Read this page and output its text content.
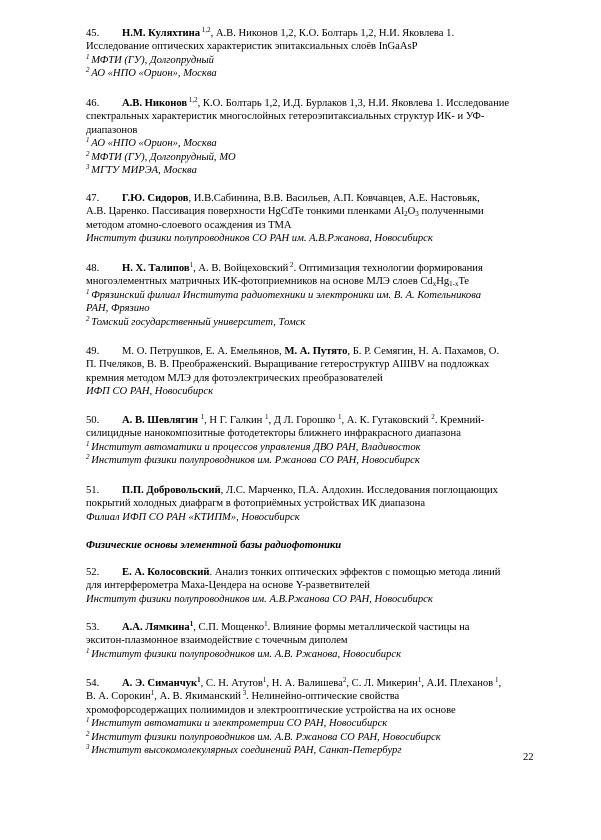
45. Н.М. Куляхтина $^{1,2}$, А.В. Никонов 1,2, К.О. Болтарь 1,2, Н.И. Яковлева 1.
Исследование оптических характеристик эпитаксиальных слоёв InGaAsP
$^1$ МФТИ (ГУ), Долгопрудный
$^2$ АО «НПО «Орион», Москва
46. А.В. Никонов $^{1,2}$, К.О. Болтарь 1,2, И.Д. Бурлаков 1,3, Н.И. Яковлева 1. Исследование
спектральных характеристик многослойных гетероэпитаксиальных структур ИК- и УФ-
диапазонов
$^1$ АО «НПО «Орион», Москва
$^2$ МФТИ (ГУ), Долгопрудный, МО
$^3$ МГТУ МИРЭА, Москва
47. Г.Ю. Сидоров, И.В.Сабинина, В.В. Васильев, А.П. Ковчавцев, А.Е. Настовьяк,
А.В. Царенко. Пассивация поверхности HgCdTe тонкими пленками $Al_2O_3$ полученными
методом атомно-слоевого осаждения из ТМА
Институт физики полупроводников СО РАН им. А.В.Ржанова, Новосибирск
48. Н. Х. Талипов$^1$, А. В. Войцеховский $^2$. Оптимизация технологии формирования
многоэлементных матричных ИК-фотоприемников на основе МЛЭ слоев $Cd_xHg_{1-x}Te$
$^1$ Фрязинский филиал Института радиотехники и электроники им. В. А. Котельникова
РАН, Фрязино
$^2$ Томский государственный университет, Томск
49. М. О. Петрушков, Е. А. Емельянов, М. А. Путято, Б. Р. Семягин, Н. А. Пахамов, О.
П. Пчеляков, В. В. Преображенский. Выращивание гетероструктур AIIIBV на подложках
кремния методом МЛЭ для фотоэлектрических преобразователей
ИФП СО РАН, Новосибирск
50. А. В. Шевлягин $^1$, Н Г. Галкин $^1$, Д Л. Горошко $^1$, А. К. Гутаковский $^2$. Кремний-
силицидные нанокомпозитные фотодетекторы ближнего инфракрасного диапазона
$^1$ Институт автоматики и процессов управления ДВО РАН, Владивосток
$^2$ Институт физики полупроводников им. Ржанова СО РАН, Новосибирск
51. П.П. Добровольский, Л.С. Марченко, П.А. Алдохин. Исследования поглощающих
покрытий холодных диафрагм в фотоприёмных устройствах ИК диапазона
Филиал ИФП СО РАН «КТИПМ», Новосибирск
Физические основы элементной базы радиофотоники
52. Е. А. Колосовский. Анализ тонких оптических эффектов с помощью метода линий
для интерферометра Маха-Цендера на основе Y-разветвителей
Институт физики полупроводников им. А.В.Ржанова СО РАН, Новосибирск
53. А.А. Лямкина$^1$, С.П. Мощенко$^1$. Влияние формы металлической частицы на
экситон-плазмонное взаимодействие с точечным диполем
$^1$ Институт физики полупроводников им. А.В. Ржанова, Новосибирск
54. А. Э. Симанчук$^1$, С. Н. Атутов$^1$, Н. А. Валишева$^2$, С. Л. Микерин$^1$, А.И. Плеханов $^1$,
В. А. Сорокин$^1$, А. В. Якиманский $^3$. Нелинейно-оптические свойства
хромофорсодержащих полиимидов и электрооптические устройства на их основе
$^1$ Институт автоматики и электрометрии СО РАН, Новосибирск
$^2$ Институт физики полупроводников им. А.В. Ржанова СО РАН, Новосибирск
$^3$ Институт высокомолекулярных соединений РАН, Санкт-Петербург
22
